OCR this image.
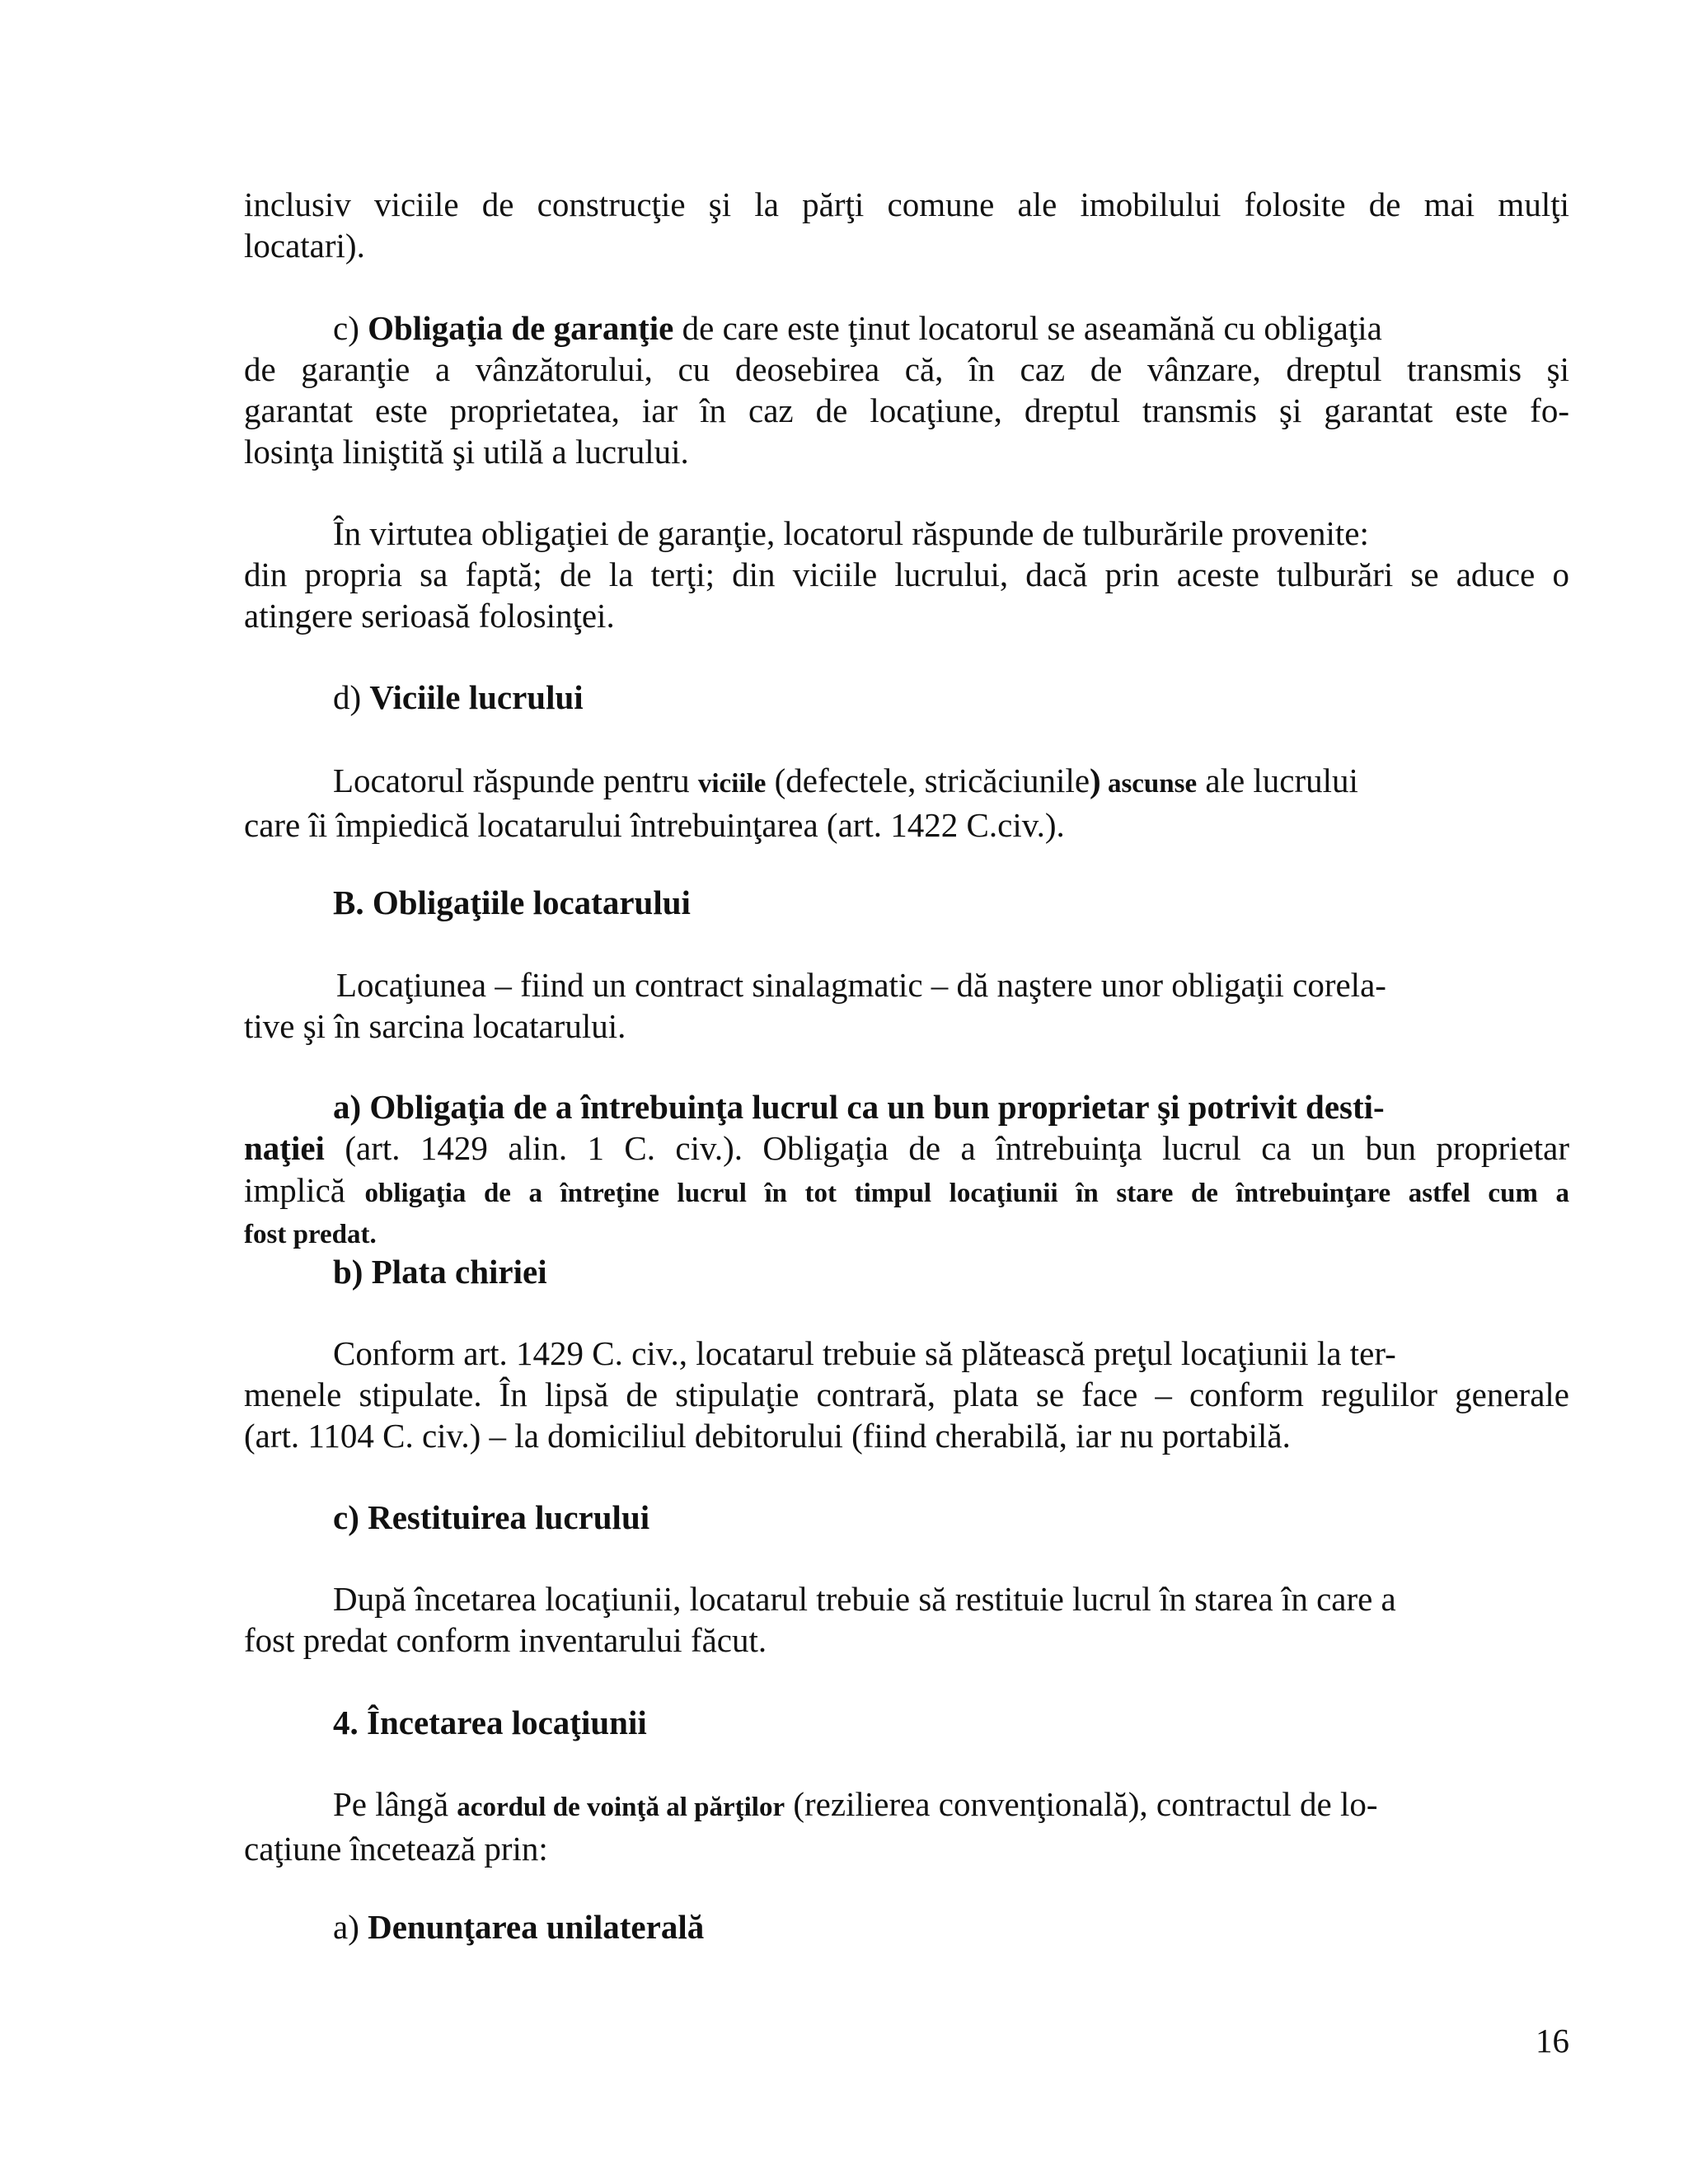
inclusiv viciile de construcţie şi la părţi comune ale imobilului folosite de mai mulţi
locatari).
c) Obligaţia de garanţie de care este ţinut locatorul se aseamănă cu obligaţia
de garanţie a vânzătorului, cu deosebirea că, în caz de vânzare, dreptul transmis şi
garantat este proprietatea, iar în caz de locaţiune, dreptul transmis şi garantat este fo-
losinţa liniştită şi utilă a lucrului.
În virtutea obligaţiei de garanţie, locatorul răspunde de tulburările provenite:
din propria sa faptă; de la terţi; din viciile lucrului, dacă prin aceste tulburări se aduce o
atingere serioasă folosinţei.
d) Viciile lucrului
Locatorul răspunde pentru viciile (defectele, stricăciunile) ascunse ale lucrului
care îi împiedică locatarului întrebuinţarea (art. 1422 C.civ.).
B. Obligaţiile locatarului
Locaţiunea – fiind un contract sinalagmatic – dă naştere unor obligaţii corela-
tive şi în sarcina locatarului.
a) Obligaţia de a întrebuinţa lucrul ca un bun proprietar şi potrivit desti-
naţiei (art. 1429 alin. 1 C. civ.). Obligaţia de a întrebuinţa lucrul ca un bun proprietar
implică obligaţia de a întreţine lucrul în tot timpul locaţiunii în stare de întrebuinţare astfel cum a
fost predat.
b) Plata chiriei
Conform art. 1429 C. civ., locatarul trebuie să plătească preţul locaţiunii la ter-
menele stipulate. În lipsă de stipulaţie contrară, plata se face – conform regulilor generale
(art. 1104 C. civ.) – la domiciliul debitorului (fiind cherabilă, iar nu portabilă.
c) Restituirea lucrului
După încetarea locaţiunii, locatarul trebuie să restituie lucrul în starea în care a
fost predat conform inventarului făcut.
4. Încetarea locaţiunii
Pe lângă acordul de voinţă al părţilor (rezilierea convenţională), contractul de lo-
caţiune încetează prin:
a) Denunţarea unilaterală
16
